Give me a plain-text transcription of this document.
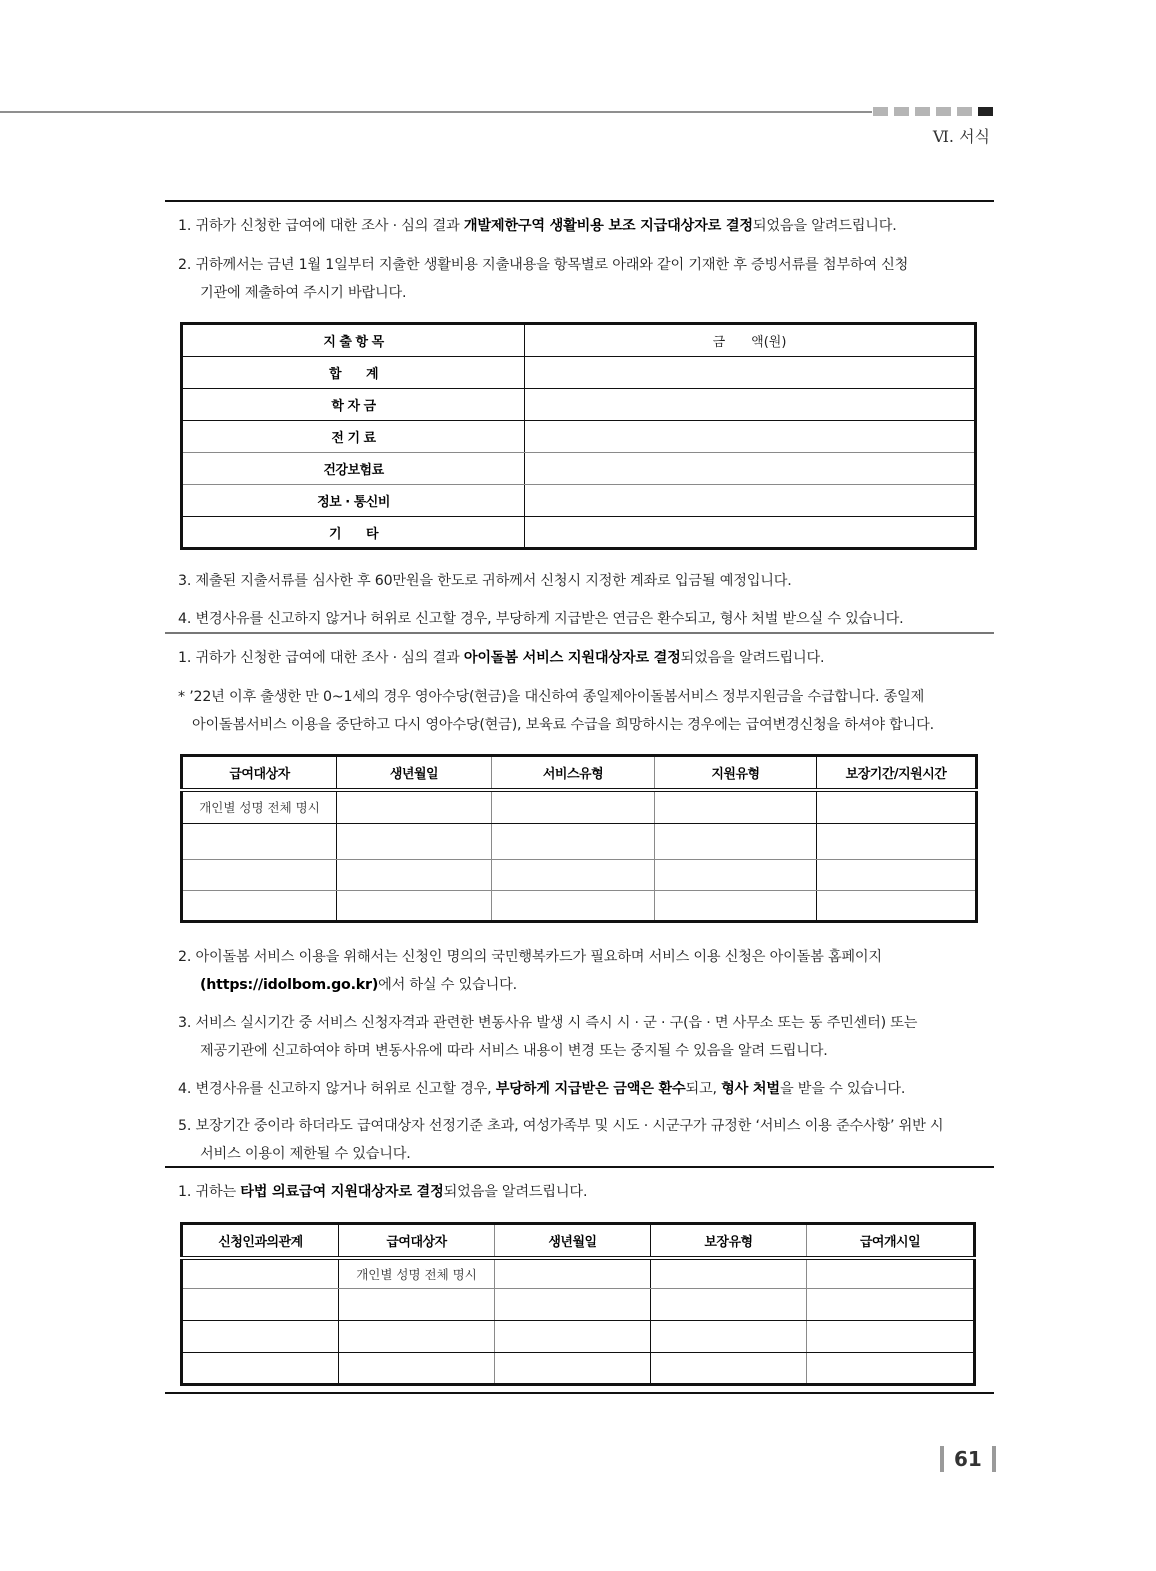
Ⅵ. 서식
1. 귀하가 신청한 급여에 대한 조사 · 심의 결과 개발제한구역 생활비용 보조 지급대상자로 결정되었음을 알려드립니다.
2. 귀하께서는 금년 1월 1일부터 지출한 생활비용 지출내용을 항목별로 아래와 같이 기재한 후 증빙서류를 첨부하여 신청
기관에 제출하여 주시기 바랍니다.
지 출 항 목	금　　액(원)
합　　계	
학 자 금	
전 기 료	
건강보험료	
정보 · 통신비	
기　　타	
3. 제출된 지출서류를 심사한 후 60만원을 한도로 귀하께서 신청시 지정한 계좌로 입금될 예정입니다.
4. 변경사유를 신고하지 않거나 허위로 신고할 경우, 부당하게 지급받은 연금은 환수되고, 형사 처벌 받으실 수 있습니다.
1. 귀하가 신청한 급여에 대한 조사 · 심의 결과 아이돌봄 서비스 지원대상자로 결정되었음을 알려드립니다.
* ’22년 이후 출생한 만 0~1세의 경우 영아수당(현금)을 대신하여 종일제아이돌봄서비스 정부지원금을 수급합니다. 종일제
아이돌봄서비스 이용을 중단하고 다시 영아수당(현금), 보육료 수급을 희망하시는 경우에는 급여변경신청을 하셔야 합니다.
급여대상자	생년월일	서비스유형	지원유형	보장기간/지원시간
개인별 성명 전체 명시				

2. 아이돌봄 서비스 이용을 위해서는 신청인 명의의 국민행복카드가 필요하며 서비스 이용 신청은 아이돌봄 홈페이지
(https://idolbom.go.kr)에서 하실 수 있습니다.
3. 서비스 실시기간 중 서비스 신청자격과 관련한 변동사유 발생 시 즉시 시 · 군 · 구(읍 · 면 사무소 또는 동 주민센터) 또는
제공기관에 신고하여야 하며 변동사유에 따라 서비스 내용이 변경 또는 중지될 수 있음을 알려 드립니다.
4. 변경사유를 신고하지 않거나 허위로 신고할 경우, 부당하게 지급받은 금액은 환수되고, 형사 처벌을 받을 수 있습니다.
5. 보장기간 중이라 하더라도 급여대상자 선정기준 초과, 여성가족부 및 시도 · 시군구가 규정한 ‘서비스 이용 준수사항’ 위반 시
서비스 이용이 제한될 수 있습니다.
1. 귀하는 타법 의료급여 지원대상자로 결정되었음을 알려드립니다.
신청인과의관계	급여대상자	생년월일	보장유형	급여개시일
	개인별 성명 전체 명시			

61
